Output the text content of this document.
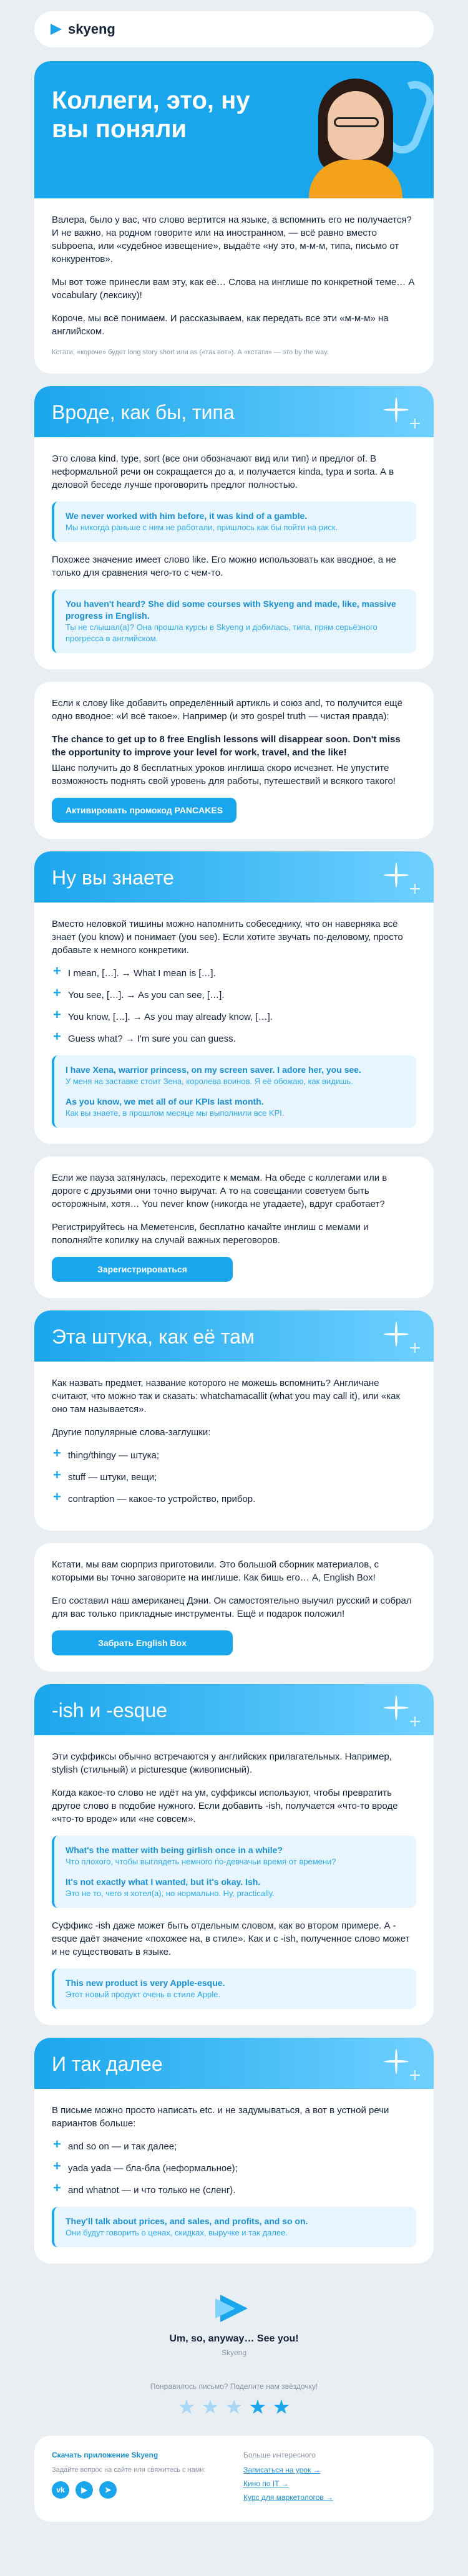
skyeng
Коллеги, это, ну вы поняли

Валера, было у вас, что слово вертится на языке, а вспомнить его не получается? И не важно, на родном говорите или на иностранном, — всё равно вместо subpoena, или «судебное извещение», выдаёте «ну это, м-м-м, типа, письмо от конкурентов».

Мы вот тоже принесли вам эту, как её… Слова на инглише по конкретной теме… A vocabulary (лексику)!

Короче, мы всё понимаем. И рассказываем, как передать все эти «м-м-м» на английском.

Кстати, «короче» будет long story short или as («так вот»). А «кстати» — это by the way.

Вроде, как бы, типа

Это слова kind, type, sort (все они обозначают вид или тип) и предлог of. В неформальной речи он сокращается до a, и получается kinda, typa и sorta. А в деловой беседе лучше проговорить предлог полностью.

We never worked with him before, it was kind of a gamble.
Мы никогда раньше с ним не работали, пришлось как бы пойти на риск.

Похожее значение имеет слово like. Его можно использовать как вводное, а не только для сравнения чего-то с чем-то.

You haven't heard? She did some courses with Skyeng and made, like, massive progress in English.
Ты не слышал(а)? Она прошла курсы в Skyeng и добилась, типа, прям серьёзного прогресса в английском.

Если к слову like добавить определённый артикль и союз and, то получится ещё одно вводное: «И всё такое». Например (и это gospel truth — чистая правда):

The chance to get up to 8 free English lessons will disappear soon. Don't miss the opportunity to improve your level for work, travel, and the like!

Шанс получить до 8 бесплатных уроков инглиша скоро исчезнет. Не упустите возможность поднять свой уровень для работы, путешествий и всякого такого!

Активировать промокод PANCAKES
Ну вы знаете

Вместо неловкой тишины можно напомнить собеседнику, что он наверняка всё знает (you know) и понимает (you see). Если хотите звучать по-деловому, просто добавьте к немного конкретики.

+ I mean, […]. → What I mean is […].
+ You see, […]. → As you can see, […].
+ You know, […]. → As you may already know, […].
+ Guess what? → I'm sure you can guess.
I have Xena, warrior princess, on my screen saver. I adore her, you see.
У меня на заставке стоит Зена, королева воинов. Я её обожаю, как видишь.
As you know, we met all of our KPIs last month.
Как вы знаете, в прошлом месяце мы выполнили все KPI.

Если же пауза затянулась, переходите к мемам. На обеде с коллегами или в дороге с друзьями они точно выручат. А то на совещании советуем быть осторожным, хотя… You never know (никогда не угадаете), вдруг сработает?

Регистрируйтесь на Меметенсив, бесплатно качайте инглиш с мемами и пополняйте копилку на случай важных переговоров.

Зарегистрироваться
Эта штука, как её там

Как назвать предмет, название которого не можешь вспомнить? Англичане считают, что можно так и сказать: whatchamacallit (what you may call it), или «как оно там называется».

Другие популярные слова-заглушки:

+ thing/thingy — штука;
+ stuff — штуки, вещи;
+ contraption — какое-то устройство, прибор.

Кстати, мы вам сюрприз приготовили. Это большой сборник материалов, с которыми вы точно заговорите на инглише. Как бишь его… A, English Box!

Его составил наш американец Дэни. Он самостоятельно выучил русский и собрал для вас только прикладные инструменты. Ещё и подарок положил!

Забрать English Box
-ish и -esque

Эти суффиксы обычно встречаются у английских прилагательных. Например, stylish (стильный) и picturesque (живописный).

Когда какое-то слово не идёт на ум, суффиксы используют, чтобы превратить другое слово в подобие нужного. Если добавить -ish, получается «что-то вроде «что-то вроде» или «не совсем».

What's the matter with being girlish once in a while?
Что плохого, чтобы выглядеть немного по-девчачьи время от времени?
It's not exactly what I wanted, but it's okay. Ish.
Это не то, чего я хотел(а), но нормально. Ну, practically.

Суффикс -ish даже может быть отдельным словом, как во втором примере. А -esque даёт значение «похожее на, в стиле». Как и с -ish, полученное слово может и не существовать в языке.

This new product is very Apple-esque.
Этот новый продукт очень в стиле Apple.
И так далее

В письме можно просто написать etc. и не задумываться, а вот в устной речи вариантов больше:

+ and so on — и так далее;
+ yada yada — бла-бла (неформальное);
+ and whatnot — и что только не (сленг).
They'll talk about prices, and sales, and profits, and so on.
Они будут говорить о ценах, скидках, выручке и так далее.
Um, so, anyway… See you!
Skyeng
Понравилось письмо? Поделите нам звёздочку!
★ ★ ★ ★ ★
Скачать приложение Skyeng
Задайте вопрос на сайте или свяжитесь с нами:
vk	▶	➤
Больше интересного
Записаться на урок →
Кино по IT →
Курс для маркетологов →
